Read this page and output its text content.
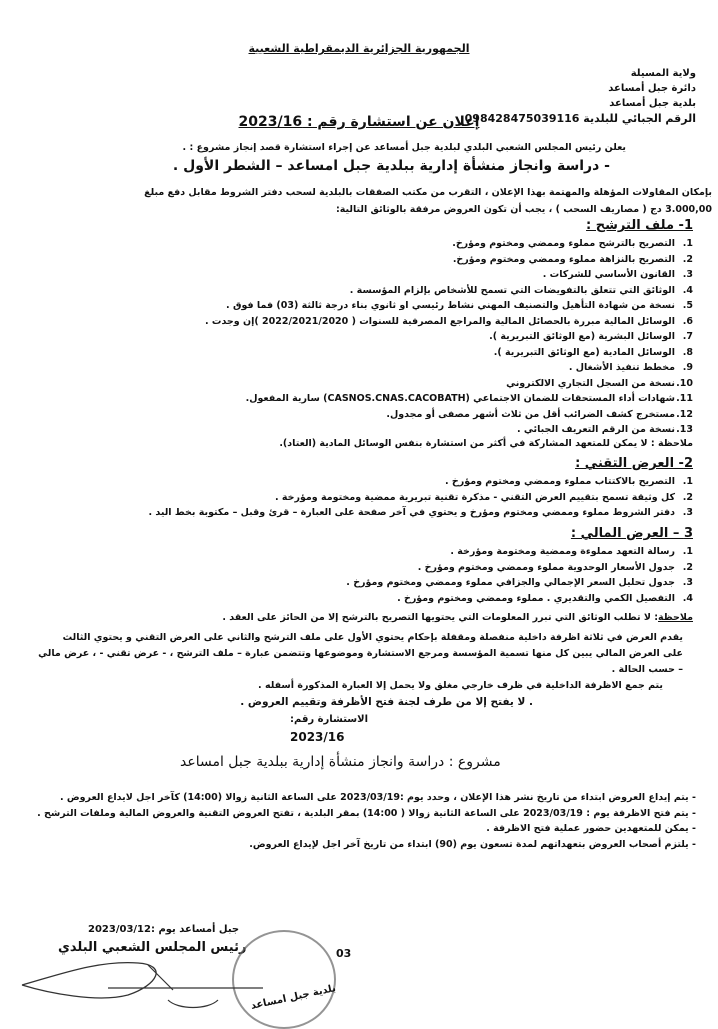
الجمهورية الجزائرية الديمقراطية الشعبية
ولاية المسيلة
دائرة جبل أمساعد
بلدية جبل أمساعد
الرقم الجبائي للبلدية 098428475039116
إعلان عن استشارة رقم : 2023/16
يعلن رئيس المجلس الشعبي البلدي لبلدية جبل أمساعد عن إجراء استشارة قصد إنجاز مشروع : .
- دراسة وانجاز منشأة إدارية ببلدية جبل امساعد – الشطر الأول .
بإمكان المقاولات المؤهلة والمهتمة بهذا الإعلان ، التقرب من مكتب الصفقات بالبلدية لسحب دفتر الشروط مقابل دفع مبلغ
3.000,00 دج ( مصاريف السحب ) ، يجب أن تكون العروض مرفقة بالوثائق التالية:
1- ملف الترشح :
1.التصريح بالترشح مملوء وممضي ومختوم ومؤرخ.
2.التصريح بالنزاهة مملوء وممضي ومختوم ومؤرخ.
3.القانون الأساسي للشركات .
4.الوثائق التي تتعلق بالتفويضات التي تسمح للأشخاص بإلزام المؤسسة .
5.نسخة من شهادة التأهيل والتصنيف المهني نشاط رئيسي او ثانوي بناء درجة ثالثة (03) فما فوق .
6.الوسائل المالية مبررة بالحصائل المالية والمراجع المصرفية للسنوات ( 2022/2021/2020 )إن وجدت .
7.الوسائل البشرية (مع الوثائق التبريرية ).
8.الوسائل المادية (مع الوثائق التبريرية ).
9.مخطط تنفيذ الأشغال .
10.نسخة من السجل التجاري الالكتروني
11.شهادات أداء المستحقات للضمان الاجتماعي (CASNOS.CNAS.CACOBATH) سارية المفعول.
12.مستخرج كشف الضرائب أقل من ثلاث أشهر مصفى أو مجدول.
13.نسخة من الرقم التعريف الجبائي .
ملاحظة : لا يمكن للمتعهد المشاركة في أكثر من استشارة بنفس الوسائل المادية (العتاد).
2- العرض التقني :
1.التصريح بالاكتتاب مملوء وممضي ومختوم ومؤرخ .
2.كل وثيقة تسمح بتقييم العرض التقني - مذكرة تقنية تبريرية ممضية ومختومة ومؤرخة .
3.دفتر الشروط مملوء وممضي ومختوم ومؤرخ و يحتوي في آخر صفحة على العبارة – قرئ وقبل – مكتوبة بخط اليد .
3 – العرض المالي :
1.رسالة التعهد مملوءة وممضية ومختومة ومؤرخة .
2.جدول الأسعار الوحدوية مملوء وممضي ومختوم ومؤرخ .
3.جدول تحليل السعر الإجمالي والجزافي مملوء وممضي ومختوم ومؤرخ .
4.التفصيل الكمي والتقديري . مملوء وممضي ومختوم ومؤرخ .
ملاحظة: لا تطلب الوثائق التي تبرر المعلومات التي يحتويها التصريح بالترشح إلا من الحائز على العقد .
يقدم العرض في ثلاثة اظرفة داخلية منفصلة ومقفلة بإحكام يحتوي الأول على ملف الترشح والثاني على العرض التقني و يحتوي الثالث
على العرض المالي يبين كل منها تسمية المؤسسة ومرجع الاستشارة وموضوعها وتتضمن عبارة – ملف الترشح ، - عرض تقني - ، عرض مالي
– حسب الحالة .
يتم جمع الاظرفة الداخلية في ظرف خارجي مغلق ولا يحمل إلا العبارة المذكورة أسفله .
. لا يفتح إلا من طرف لجنة فتح الأظرفة وتقييم العروض .
الاستشارة رقم:
2023/16
مشروع : دراسة وانجاز منشأة إدارية ببلدية جبل امساعد
- يتم إيداع العروض ابتداء من تاريخ نشر هذا الإعلان ، وحدد يوم :2023/03/19 على الساعة الثانية زوالا (14:00) كآخر اجل لايداع العروض .
- يتم فتح الاظرفة يوم : 2023/03/19 على الساعة الثانية زوالا ( 14:00) بمقر البلدية ، تفتح العروض التقنية والعروض المالية وملفات الترشح .
- يمكن للمتعهدين حضور عملية فتح الاظرفة .
- يلتزم أصحاب العروض بتعهداتهم لمدة تسعون يوم (90) ابتداء من تاريخ آخر اجل لإيداع العروض.
جبل أمساعد يوم :2023/03/12
رئيس المجلس الشعبي البلدي
بلدية جبل امساعد
03
